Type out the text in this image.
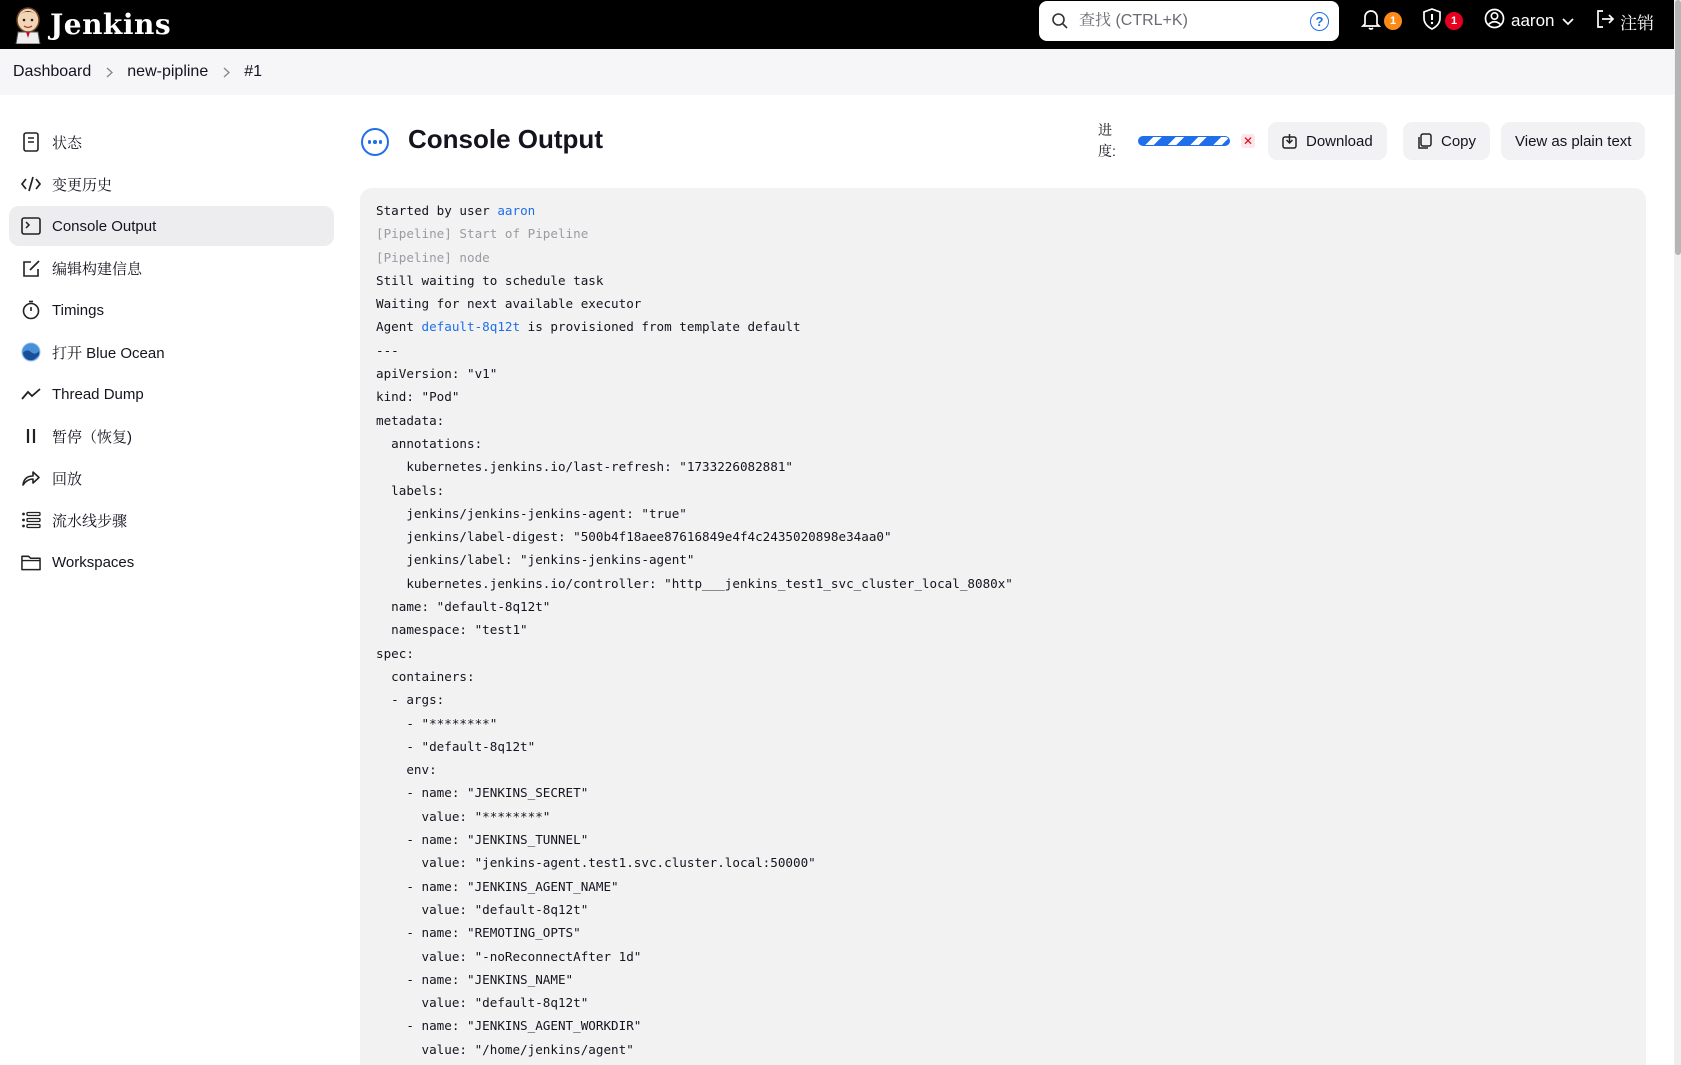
Jenkins
查找 (CTRL+K)	?	1	1	aaron	注销
Dashboard new-pipline #1
状态
变更历史
Console Output
编辑构建信息
Timings
打开 Blue Ocean
Thread Dump
暂停（恢复)
回放
流水线步骤
Workspaces
Console Output	进度:
✕	Download	Copy	View as plain text
Started by user aaron
[Pipeline] Start of Pipeline
[Pipeline] node
Still waiting to schedule task
Waiting for next available executor
Agent default-8q12t is provisioned from template default
---
apiVersion: "v1"
kind: "Pod"
metadata:
annotations:
kubernetes.jenkins.io/last-refresh: "1733226082881"
labels:
jenkins/jenkins-jenkins-agent: "true"
jenkins/label-digest: "500b4f18aee87616849e4f4c2435020898e34aa0"
jenkins/label: "jenkins-jenkins-agent"
kubernetes.jenkins.io/controller: "http___jenkins_test1_svc_cluster_local_8080x"
name: "default-8q12t"
namespace: "test1"
spec:
containers:
- args:
- "********"
- "default-8q12t"
env:
- name: "JENKINS_SECRET"
value: "********"
- name: "JENKINS_TUNNEL"
value: "jenkins-agent.test1.svc.cluster.local:50000"
- name: "JENKINS_AGENT_NAME"
value: "default-8q12t"
- name: "REMOTING_OPTS"
value: "-noReconnectAfter 1d"
- name: "JENKINS_NAME"
value: "default-8q12t"
- name: "JENKINS_AGENT_WORKDIR"
value: "/home/jenkins/agent"
